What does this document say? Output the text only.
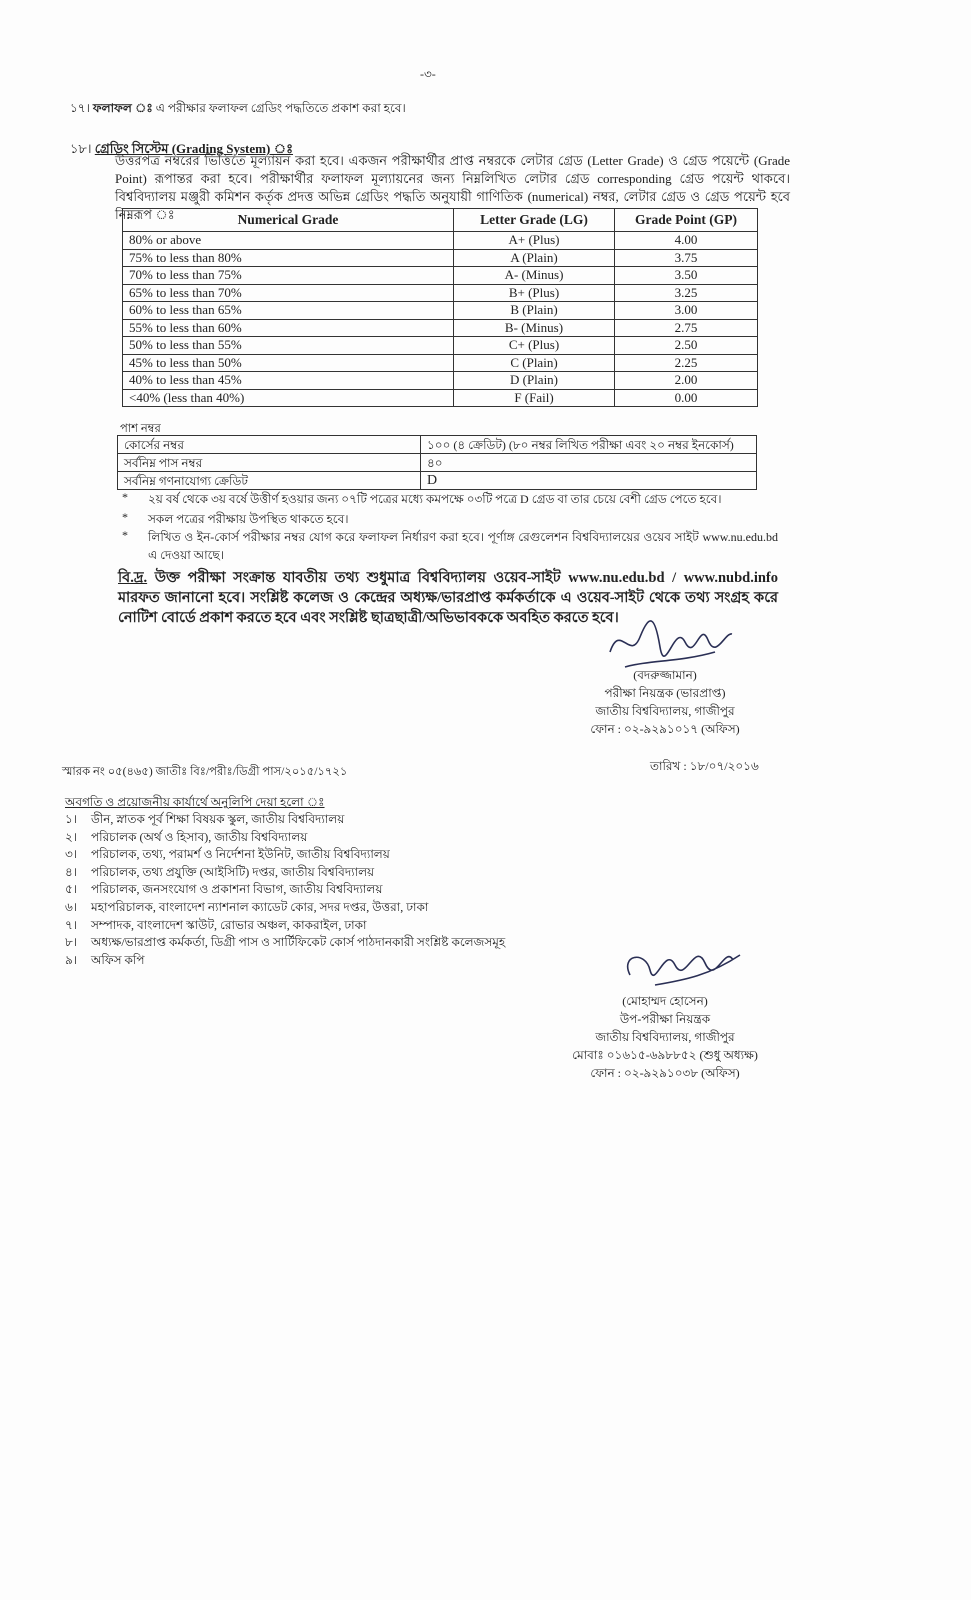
-৩-
১৭। ফলাফল ঃ এ পরীক্ষার ফলাফল গ্রেডিং পদ্ধতিতে প্রকাশ করা হবে।
১৮। গ্রেডিং সিস্টেম (Grading System) ঃ
উত্তরপত্র নম্বরের ভিত্তিতে মূল্যায়ন করা হবে। একজন পরীক্ষার্থীর প্রাপ্ত নম্বরকে লেটার গ্রেড (Letter Grade) ও গ্রেড পয়েন্টে (Grade Point) রূপান্তর করা হবে। পরীক্ষার্থীর ফলাফল মূল্যায়নের জন্য নিম্নলিখিত লেটার গ্রেড corresponding গ্রেড পয়েন্ট থাকবে। বিশ্ববিদ্যালয় মঞ্জুরী কমিশন কর্তৃক প্রদত্ত অভিন্ন গ্রেডিং পদ্ধতি অনুযায়ী গাণিতিক (numerical) নম্বর, লেটার গ্রেড ও গ্রেড পয়েন্ট হবে নিম্নরূপ ঃ	Numerical Grade	Letter Grade (LG)	Grade Point (GP)
80% or above	A+ (Plus)	4.00
75% to less than 80%	A (Plain)	3.75
70% to less than 75%	A- (Minus)	3.50
65% to less than 70%	B+ (Plus)	3.25
60% to less than 65%	B (Plain)	3.00
55% to less than 60%	B- (Minus)	2.75
50% to less than 55%	C+ (Plus)	2.50
45% to less than 50%	C (Plain)	2.25
40% to less than 45%	D (Plain)	2.00
<40% (less than 40%)	F (Fail)	0.00
পাশ নম্বর
কোর্সের নম্বর	১০০ (৪ ক্রেডিট) (৮০ নম্বর লিখিত পরীক্ষা এবং ২০ নম্বর ইনকোর্স)
সর্বনিম্ন পাস নম্বর	৪০
সর্বনিম্ন গণনাযোগ্য ক্রেডিট	D
* ২য় বর্ষ থেকে ৩য় বর্ষে উত্তীর্ণ হওয়ার জন্য ০৭টি পত্রের মধ্যে কমপক্ষে ০৩টি পত্রে D গ্রেড বা তার চেয়ে বেশী গ্রেড পেতে হবে।
* সকল পত্রের পরীক্ষায় উপস্থিত থাকতে হবে।
* লিখিত ও ইন-কোর্স পরীক্ষার নম্বর যোগ করে ফলাফল নির্ধারণ করা হবে। পূর্ণাঙ্গ রেগুলেশন বিশ্ববিদ্যালয়ের ওয়েব সাইট www.nu.edu.bd এ দেওয়া আছে।
বি.দ্র. উক্ত পরীক্ষা সংক্রান্ত যাবতীয় তথ্য শুধুমাত্র বিশ্ববিদ্যালয় ওয়েব-সাইট www.nu.edu.bd / www.nubd.info মারফত জানানো হবে। সংশ্লিষ্ট কলেজ ও কেন্দ্রের অধ্যক্ষ/ভারপ্রাপ্ত কর্মকর্তাকে এ ওয়েব-সাইট থেকে তথ্য সংগ্রহ করে নোটিশ বোর্ডে প্রকাশ করতে হবে এবং সংশ্লিষ্ট ছাত্রছাত্রী/অভিভাবককে অবহিত করতে হবে।
(বদরুজ্জামান)
পরীক্ষা নিয়ন্ত্রক (ভারপ্রাপ্ত)
জাতীয় বিশ্ববিদ্যালয়, গাজীপুর
ফোন : ০২-৯২৯১০১৭ (অফিস)
স্মারক নং ০৫(৪৬৫) জাতীঃ বিঃ/পরীঃ/ডিগ্রী পাস/২০১৫/১৭২১	তারিখ : ১৮/০৭/২০১৬
অবগতি ও প্রয়োজনীয় কার্যার্থে অনুলিপি দেয়া হলো ঃ
১। ডীন, স্নাতক পূর্ব শিক্ষা বিষয়ক স্কুল, জাতীয় বিশ্ববিদ্যালয়
২। পরিচালক (অর্থ ও হিসাব), জাতীয় বিশ্ববিদ্যালয়
৩। পরিচালক, তথ্য, পরামর্শ ও নির্দেশনা ইউনিট, জাতীয় বিশ্ববিদ্যালয়
৪। পরিচালক, তথ্য প্রযুক্তি (আইসিটি) দপ্তর, জাতীয় বিশ্ববিদ্যালয়
৫। পরিচালক, জনসংযোগ ও প্রকাশনা বিভাগ, জাতীয় বিশ্ববিদ্যালয়
৬। মহাপরিচালক, বাংলাদেশ ন্যাশনাল ক্যাডেট কোর, সদর দপ্তর, উত্তরা, ঢাকা
৭। সম্পাদক, বাংলাদেশ স্কাউট, রোভার অঞ্চল, কাকরাইল, ঢাকা
৮। অধ্যক্ষ/ভারপ্রাপ্ত কর্মকর্তা, ডিগ্রী পাস ও সার্টিফিকেট কোর্স পাঠদানকারী সংশ্লিষ্ট কলেজসমূহ
৯। অফিস কপি
(মোহাম্মদ হোসেন)
উপ-পরীক্ষা নিয়ন্ত্রক
জাতীয় বিশ্ববিদ্যালয়, গাজীপুর
মোবাঃ ০১৬১৫-৬৯৮৮৫২ (শুধু অধ্যক্ষ)
ফোন : ০২-৯২৯১০৩৮ (অফিস)
